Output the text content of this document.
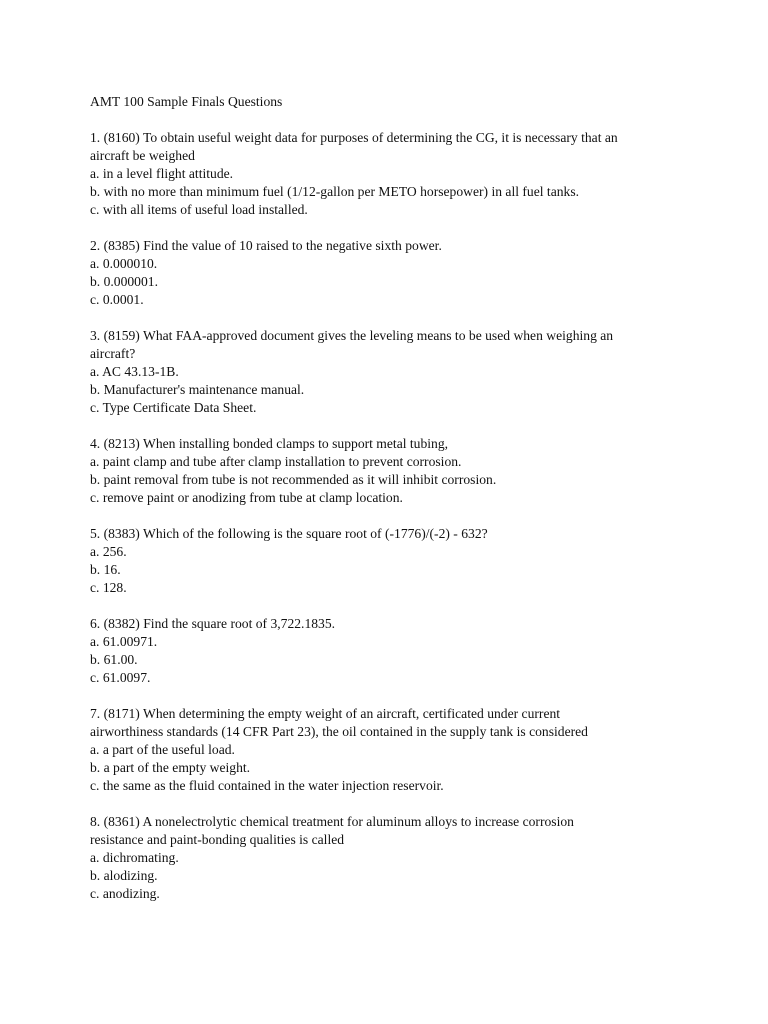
AMT 100 Sample Finals Questions
1. (8160) To obtain useful weight data for purposes of determining the CG, it is necessary that an
aircraft be weighed
a. in a level flight attitude.
b. with no more than minimum fuel (1/12-gallon per METO horsepower) in all fuel tanks.
c. with all items of useful load installed.
2. (8385) Find the value of 10 raised to the negative sixth power.
a. 0.000010.
b. 0.000001.
c. 0.0001.
3. (8159) What FAA-approved document gives the leveling means to be used when weighing an
aircraft?
a. AC 43.13-1B.
b. Manufacturer's maintenance manual.
c. Type Certificate Data Sheet.
4. (8213) When installing bonded clamps to support metal tubing,
a. paint clamp and tube after clamp installation to prevent corrosion.
b. paint removal from tube is not recommended as it will inhibit corrosion.
c. remove paint or anodizing from tube at clamp location.
5. (8383) Which of the following is the square root of (-1776)/(-2) - 632?
a. 256.
b. 16.
c. 128.
6. (8382) Find the square root of 3,722.1835.
a. 61.00971.
b. 61.00.
c. 61.0097.
7. (8171) When determining the empty weight of an aircraft, certificated under current
airworthiness standards (14 CFR Part 23), the oil contained in the supply tank is considered
a. a part of the useful load.
b. a part of the empty weight.
c. the same as the fluid contained in the water injection reservoir.
8. (8361) A nonelectrolytic chemical treatment for aluminum alloys to increase corrosion
resistance and paint-bonding qualities is called
a. dichromating.
b. alodizing.
c. anodizing.
